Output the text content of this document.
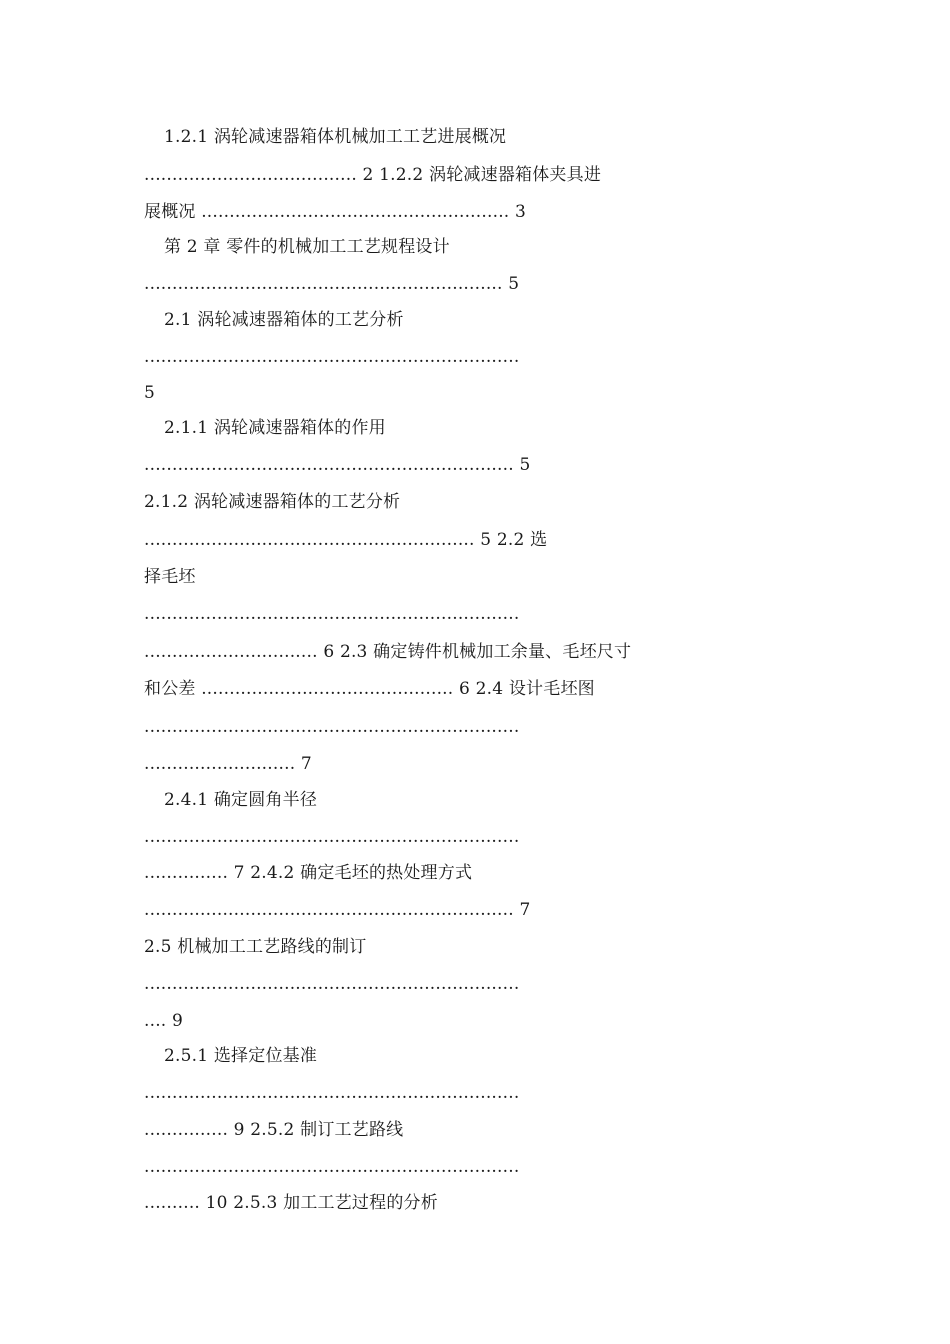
1.2.1 涡轮减速器箱体机械加工工艺进展概况
...................................... 2 1.2.2 涡轮减速器箱体夹具进
展概况 ....................................................... 3
第 2 章 零件的机械加工工艺规程设计
................................................................ 5
2.1 涡轮减速器箱体的工艺分析
...................................................................
5
2.1.1 涡轮减速器箱体的作用
.................................................................. 5
2.1.2 涡轮减速器箱体的工艺分析
........................................................... 5 2.2 选
择毛坯
...................................................................
............................... 6 2.3 确定铸件机械加工余量、毛坯尺寸
和公差 ............................................. 6 2.4 设计毛坯图
...................................................................
........................... 7
2.4.1 确定圆角半径
...................................................................
............... 7 2.4.2 确定毛坯的热处理方式
.................................................................. 7
2.5 机械加工工艺路线的制订
...................................................................
.... 9
2.5.1 选择定位基准
...................................................................
............... 9 2.5.2 制订工艺路线
...................................................................
.......... 10 2.5.3 加工工艺过程的分析
